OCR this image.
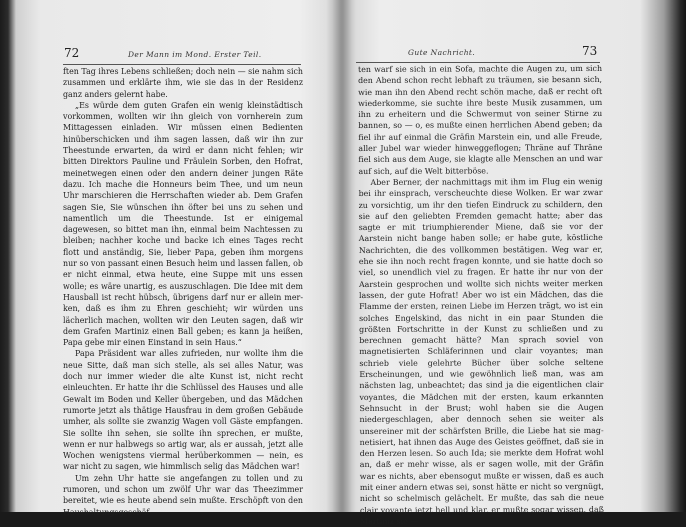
72	Der Mann im Mond. Erster Teil.

ften Tag ihres Lebens schließen; doch nein — sie nahm sich zusammen und erklärte ihm, wie sie das in der Residenz ganz anders gelernt habe.

„Es würde dem guten Grafen ein wenig kleinstädtisch vorkommen, wollten wir ihn gleich von vornherein zum Mittagessen einladen. Wir müssen einen Bedienten hinüberschicken und ihm sagen lassen, daß wir ihn zur Theestunde erwarten, da wird er dann nicht fehlen; wir bitten Direktors Pauline und Fräulein Sorben, den Hofrat, meinetwegen einen oder den andern deiner jungen Räte dazu. Ich mache die Honneurs beim Thee, und um neun Uhr marschieren die Herrschaften wieder ab. Dem Grafen sagen Sie, Sie wünschen ihn öfter bei uns zu sehen und namentlich um die Theestunde. Ist er einigemal dagewesen, so bittet man ihn, einmal beim Nachtessen zu bleiben; nachher koche und backe ich eines Tages recht flott und anständig, Sie, lieber Papa, geben ihm morgens nur so von passant einen Besuch heim und lassen fallen, ob er nicht einmal, etwa heute, eine Suppe mit uns essen wolle; es wäre unartig, es auszuschlagen. Die Idee mit dem Hausball ist recht hübsch, übrigens darf nur er allein merken, daß es ihm zu Ehren geschieht; wir würden uns lächerlich machen, wollten wir den Leuten sagen, daß wir dem Grafen Martiniz einen Ball geben; es kann ja heißen, Papa gebe mir einen Einstand in sein Haus.“

Papa Präsident war alles zufrieden, nur wollte ihm die neue Sitte, daß man sich stelle, als sei alles Natur, was doch nur immer wieder die alte Kunst ist, nicht recht einleuchten. Er hatte ihr die Schlüssel des Hauses und alle Gewalt im Boden und Keller übergeben, und das Mädchen rumorte jetzt als thätige Hausfrau in dem großen Gebäude umher, als sollte sie zwanzig Wagen voll Gäste empfangen. Sie sollte ihn sehen, sie sollte ihn sprechen, er mußte, wenn er nur halbwegs so artig war, als er aussah, jetzt alle Wochen wenigstens viermal herüberkommen — nein, es war nicht zu sagen, wie himmlisch selig das Mädchen war!

Um zehn Uhr hatte sie angefangen zu tollen und zu rumoren, und schon um zwölf Uhr war das Theezimmer bereitet, wie es heute abend sein mußte. Erschöpft von den Haushaltungsgeschäf-

Gute Nachricht.	73

ten warf sie sich in ein Sofa, machte die Augen zu, um sich den Abend schon recht lebhaft zu träumen, sie besann sich, wie man ihn den Abend recht schön mache, daß er recht oft wiederkomme, sie suchte ihre beste Musik zusammen, um ihn zu erheitern und die Schwermut von seiner Stirne zu bannen, so — o, es mußte einen herrlichen Abend geben; da fiel ihr auf einmal die Gräfin Marstein ein, und alle Freude, aller Jubel war wieder hinweggeflogen; Thräne auf Thräne fiel sich aus dem Auge, sie klagte alle Menschen an und war auf sich, auf die Welt bitterböse.

Aber Berner, der nachmittags mit ihm im Flug ein wenig bei ihr einsprach, verscheuchte diese Wolken. Er war zwar zu vorsichtig, um ihr den tiefen Eindruck zu schildern, den sie auf den geliebten Fremden gemacht hatte; aber das sagte er mit triumphierender Miene, daß sie vor der Aarstein nicht bange haben solle; er habe gute, köstliche Nachrichten, die des vollkommen bestätigen. Weg war er, ehe sie ihn noch recht fragen konnte, und sie hatte doch so viel, so unendlich viel zu fragen. Er hatte ihr nur von der Aarstein gesprochen und wollte sich nichts weiter merken lassen, der gute Hofrat! Aber wo ist ein Mädchen, das die Flamme der ersten, reinen Liebe im Herzen trägt, wo ist ein solches Engelskind, das nicht in ein paar Stunden die größten Fortschritte in der Kunst zu schließen und zu berechnen gemacht hätte? Man sprach soviel von magnetisierten Schläferinnen und clair voyantes; man schrieb viele gelehrte Bücher über solche seltene Erscheinungen, und wie gewöhnlich ließ man, was am nächsten lag, unbeachtet; das sind ja die eigentlichen clair voyantes, die Mädchen mit der ersten, kaum erkannten Sehnsucht in der Brust; wohl haben sie die Augen niedergeschlagen, aber dennoch sehen sie weiter als unsereiner mit der schärfsten Brille, die Liebe hat sie magnetisiert, hat ihnen das Auge des Geistes geöffnet, daß sie in den Herzen lesen. So auch Ida; sie merkte dem Hofrat wohl an, daß er mehr wisse, als er sagen wolle, mit der Gräfin war es nichts, aber ebensogut mußte er wissen, daß es auch mit einer andern etwas sei, sonst hätte er nicht so vergnügt, nicht so schelmisch gelächelt. Er mußte, das sah die neue clair voyante jetzt hell und klar, er mußte sogar wissen, daß Martiniz sie —
